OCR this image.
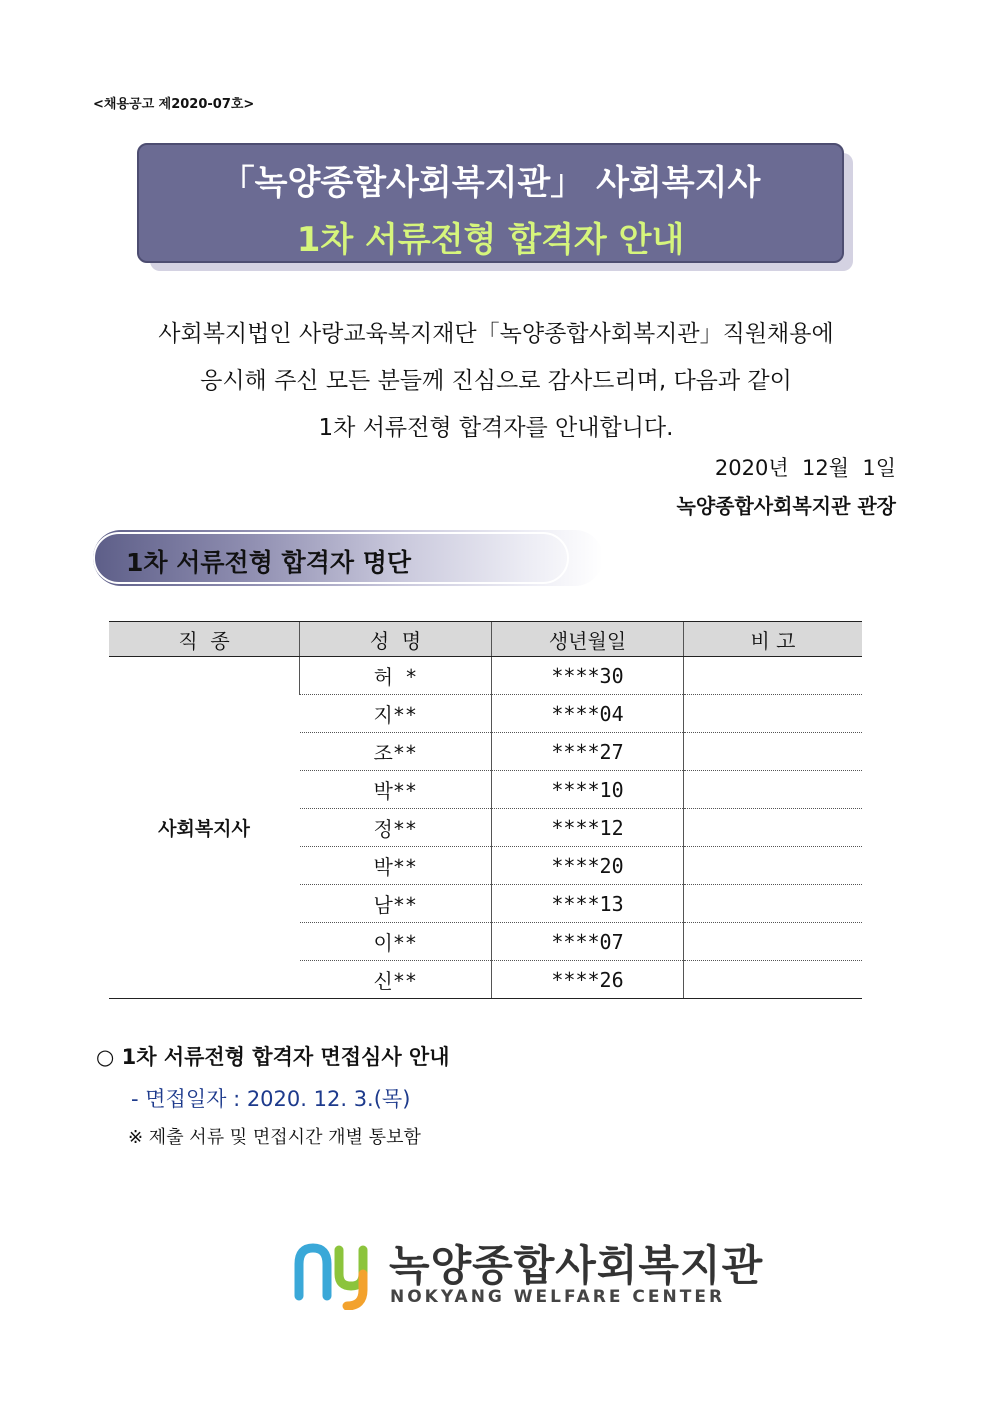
<채용공고 제2020-07호>
「녹양종합사회복지관」 사회복지사
1차 서류전형 합격자 안내
사회복지법인 사랑교육복지재단「녹양종합사회복지관」직원채용에
응시해 주신 모든 분들께 진심으로 감사드리며, 다음과 같이
1차 서류전형 합격자를 안내합니다.
2020년  12월  1일
녹양종합사회복지관 관장
1차 서류전형 합격자 명단
직  종	성  명	생년월일	비 고
사회복지사	허 *	****30	
	지**	****04	
	조**	****27	
	박**	****10	
	정**	****12	
	박**	****20	
	남**	****13	
	이**	****07	
	신**	****26	
○ 1차 서류전형 합격자 면접심사 안내
- 면접일자 : 2020. 12. 3.(목)
※ 제출 서류 및 면접시간 개별 통보함
녹양종합사회복지관
NOKYANG WELFARE CENTER
